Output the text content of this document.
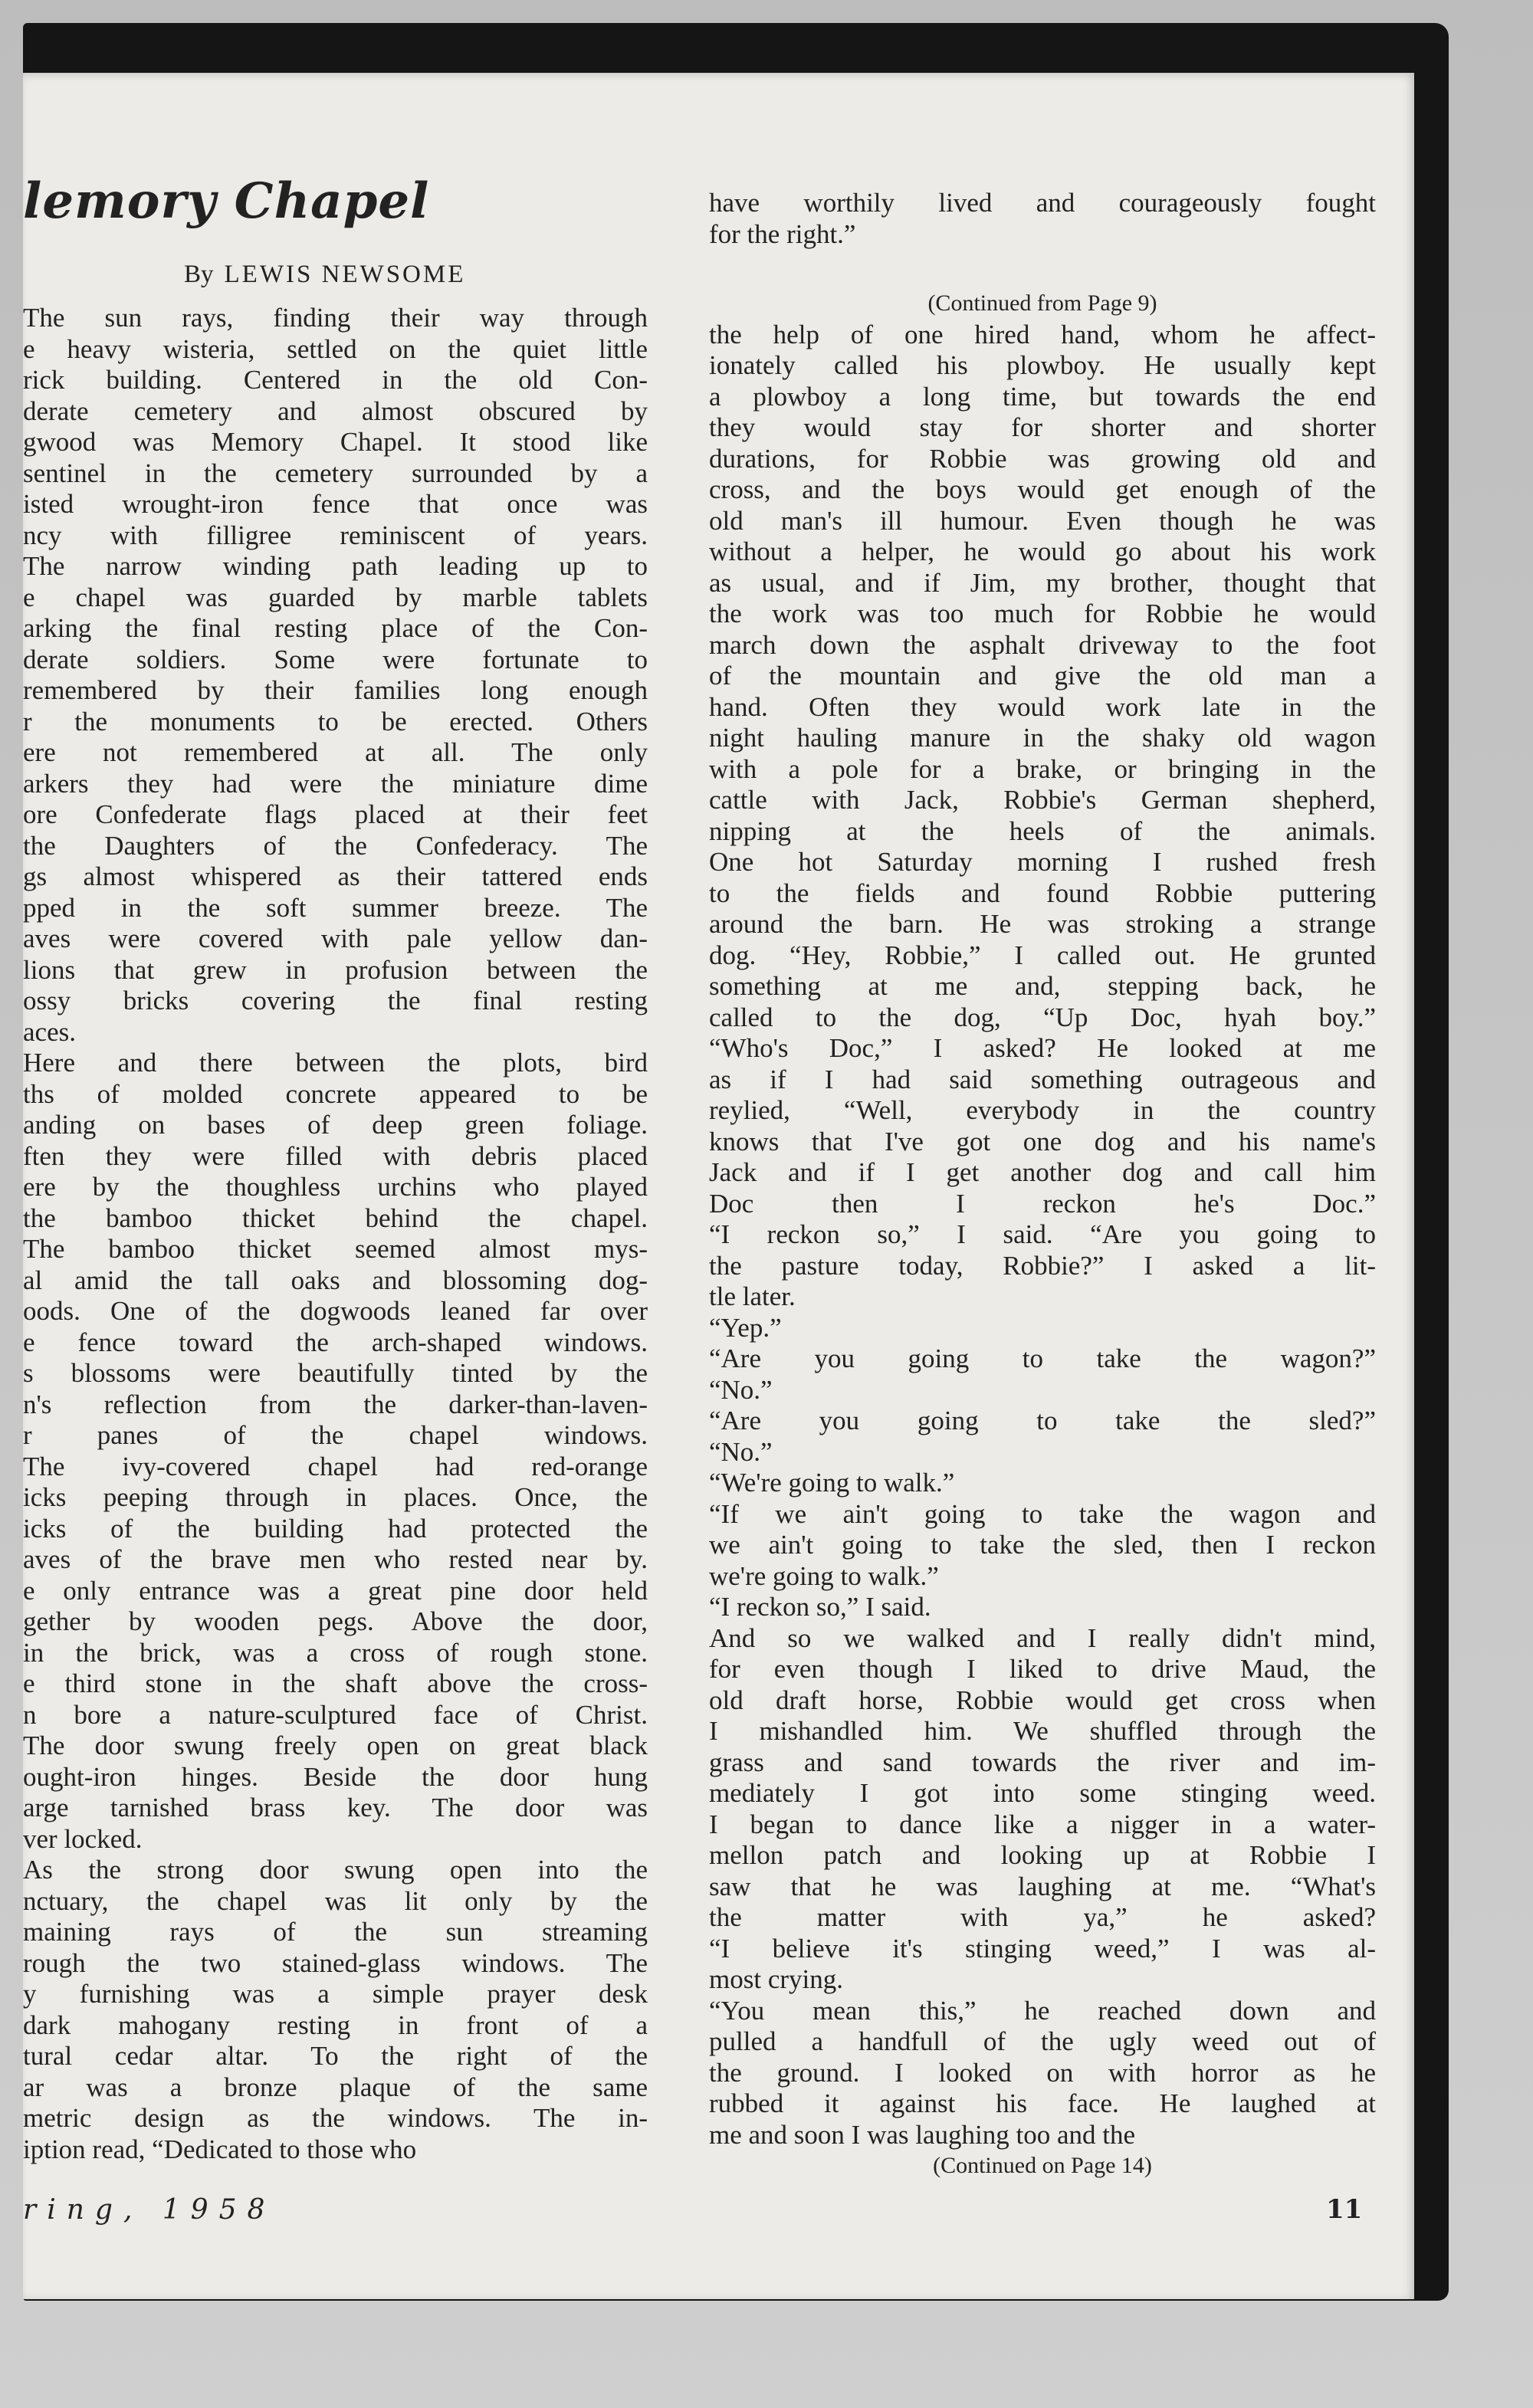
lemory Chapel

By LEWIS NEWSOME

The sun rays, finding their way through
e heavy wisteria, settled on the quiet little
rick building. Centered in the old Con-
derate cemetery and almost obscured by
gwood was Memory Chapel. It stood like
sentinel in the cemetery surrounded by a
isted wrought-iron fence that once was
ncy with filligree reminiscent of years.
The narrow winding path leading up to
e chapel was guarded by marble tablets
arking the final resting place of the Con-
derate soldiers. Some were fortunate to
remembered by their families long enough
r the monuments to be erected. Others
ere not remembered at all. The only
arkers they had were the miniature dime
ore Confederate flags placed at their feet
the Daughters of the Confederacy. The
gs almost whispered as their tattered ends
pped in the soft summer breeze. The
aves were covered with pale yellow dan-
lions that grew in profusion between the
ossy bricks covering the final resting
aces.
Here and there between the plots, bird
ths of molded concrete appeared to be
anding on bases of deep green foliage.
ften they were filled with debris placed
ere by the thoughless urchins who played
the bamboo thicket behind the chapel.
The bamboo thicket seemed almost mys-
al amid the tall oaks and blossoming dog-
oods. One of the dogwoods leaned far over
e fence toward the arch-shaped windows.
s blossoms were beautifully tinted by the
n's reflection from the darker-than-laven-
r panes of the chapel windows.
The ivy-covered chapel had red-orange
icks peeping through in places. Once, the
icks of the building had protected the
aves of the brave men who rested near by.
e only entrance was a great pine door held
gether by wooden pegs. Above the door,
in the brick, was a cross of rough stone.
e third stone in the shaft above the cross-
n bore a nature-sculptured face of Christ.
The door swung freely open on great black
ought-iron hinges. Beside the door hung
arge tarnished brass key. The door was
ver locked.
As the strong door swung open into the
nctuary, the chapel was lit only by the
maining rays of the sun streaming
rough the two stained-glass windows. The
y furnishing was a simple prayer desk
dark mahogany resting in front of a
tural cedar altar. To the right of the
ar was a bronze plaque of the same
metric design as the windows. The in-
iption read, “Dedicated to those who
have worthily lived and courageously fought
for the right.”
(Continued from Page 9)
the help of one hired hand, whom he affect-
ionately called his plowboy. He usually kept
a plowboy a long time, but towards the end
they would stay for shorter and shorter
durations, for Robbie was growing old and
cross, and the boys would get enough of the
old man's ill humour. Even though he was
without a helper, he would go about his work
as usual, and if Jim, my brother, thought that
the work was too much for Robbie he would
march down the asphalt driveway to the foot
of the mountain and give the old man a
hand. Often they would work late in the
night hauling manure in the shaky old wagon
with a pole for a brake, or bringing in the
cattle with Jack, Robbie's German shepherd,
nipping at the heels of the animals.
One hot Saturday morning I rushed fresh
to the fields and found Robbie puttering
around the barn. He was stroking a strange
dog. “Hey, Robbie,” I called out. He grunted
something at me and, stepping back, he
called to the dog, “Up Doc, hyah boy.”
“Who's Doc,” I asked? He looked at me
as if I had said something outrageous and
reylied, “Well, everybody in the country
knows that I've got one dog and his name's
Jack and if I get another dog and call him
Doc then I reckon he's Doc.”
“I reckon so,” I said. “Are you going to
the pasture today, Robbie?” I asked a lit-
tle later.
“Yep.”
“Are you going to take the wagon?”
“No.”
“Are you going to take the sled?”
“No.”
“We're going to walk.”
“If we ain't going to take the wagon and
we ain't going to take the sled, then I reckon
we're going to walk.”
“I reckon so,” I said.
And so we walked and I really didn't mind,
for even though I liked to drive Maud, the
old draft horse, Robbie would get cross when
I mishandled him. We shuffled through the
grass and sand towards the river and im-
mediately I got into some stinging weed.
I began to dance like a nigger in a water-
mellon patch and looking up at Robbie I
saw that he was laughing at me. “What's
the matter with ya,” he asked?
“I believe it's stinging weed,” I was al-
most crying.
“You mean this,” he reached down and
pulled a handfull of the ugly weed out of
the ground. I looked on with horror as he
rubbed it against his face. He laughed at
me and soon I was laughing too and the
(Continued on Page 14)

ring, 1958	11
